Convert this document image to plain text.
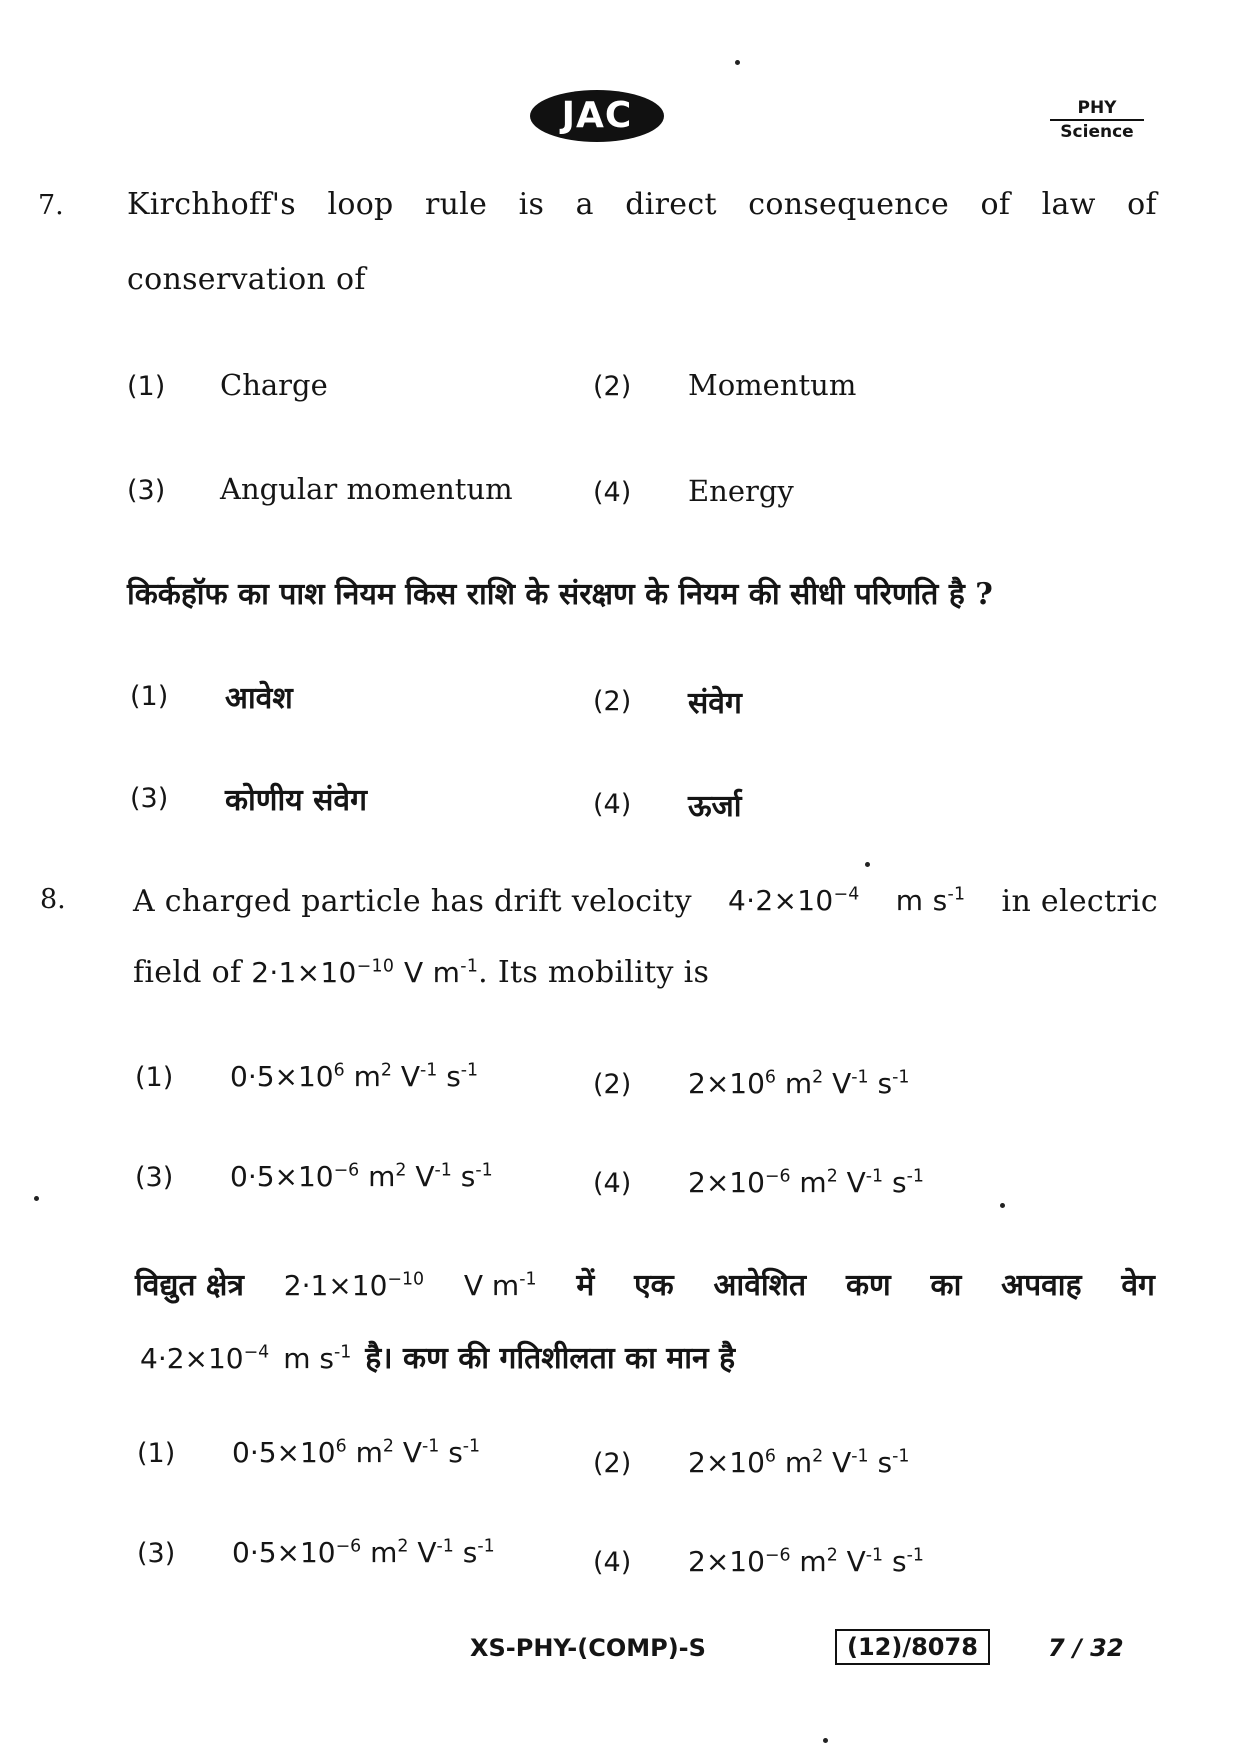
JAC	PHY
Science
7. Kirchhoff's loop rule is a direct consequence of law of
conservation of
(1) Charge	(2) Momentum
(3) Angular momentum	(4) Energy
किर्कहॉफ का पाश नियम किस राशि के संरक्षण के नियम की सीधी परिणति है ?
(1) आवेश	(2) संवेग
(3) कोणीय संवेग	(4) ऊर्जा
8. A charged particle has drift velocity $4\cdot 2\times 10^{-4}$ m $s^{-1}$ in electric
field of $2\cdot 1\times 10^{-10}$ V $m^{-1}$. Its mobility is
(1) $0\cdot 5\times 10^6$ $m^2$ $V^{-1}$ $s^{-1}$	(2) $2\times 10^6$ $m^2$ $V^{-1}$ $s^{-1}$
(3) $0\cdot 5\times 10^{-6}$ $m^2$ $V^{-1}$ $s^{-1}$	(4) $2\times 10^{-6}$ $m^2$ $V^{-1}$ $s^{-1}$
विद्युत क्षेत्र $2\cdot 1\times 10^{-10}$ V $m^{-1}$ में एक आवेशित कण का अपवाह वेग
$4\cdot 2\times 10^{-4}$ m $s^{-1}$ है। कण की गतिशीलता का मान है
(1) $0\cdot 5\times 10^6$ $m^2$ $V^{-1}$ $s^{-1}$
(2) $2\times 10^6$ $m^2$ $V^{-1}$ $s^{-1}$
(3) $0\cdot 5\times 10^{-6}$ $m^2$ $V^{-1}$ $s^{-1}$
(4) $2\times 10^{-6}$ $m^2$ $V^{-1}$ $s^{-1}$
XS-PHY-(COMP)-S	(12)/8078	7 / 32
